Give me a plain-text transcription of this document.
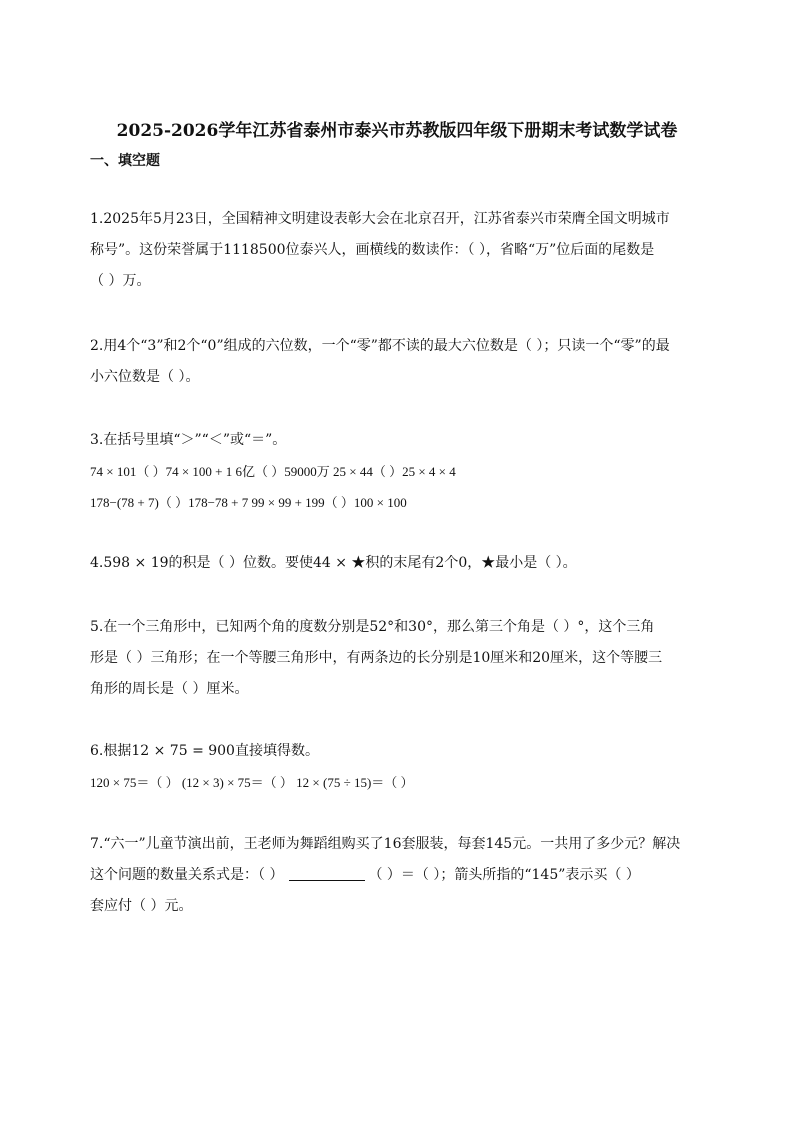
2025-2026学年江苏省泰州市泰兴市苏教版四年级下册期末考试数学试卷
一、填空题
1.2025年5月23日，全国精神文明建设表彰大会在北京召开，江苏省泰兴市荣膺全国文明城市
称号”。这份荣誉属于1118500位泰兴人，画横线的数读作：（ ），省略“万”位后面的尾数是
（ ）万。
2.用4个“3”和2个“0”组成的六位数，一个“零”都不读的最大六位数是（ ）；只读一个“零”的最
小六位数是（ ）。
3.在括号里填“＞”“＜”或“＝”。
74 × 101（ ）74 × 100 + 1 6亿（ ）59000万 25 × 44（ ）25 × 4 × 4
178−(78 + 7)（ ）178−78 + 7 99 × 99 + 199（ ）100 × 100
4.598 × 19的积是（ ）位数。要使44 × ★积的末尾有2个0，★最小是（ ）。
5.在一个三角形中，已知两个角的度数分别是52°和30°，那么第三个角是（ ）°，这个三角
形是（ ）三角形；在一个等腰三角形中，有两条边的长分别是10厘米和20厘米，这个等腰三
角形的周长是（ ）厘米。
6.根据12 × 75 = 900直接填得数。
120 × 75＝（ ） (12 × 3) × 75＝（ ） 12 × (75 ÷ 15)＝（ ）
7.“六一”儿童节演出前，王老师为舞蹈组购买了16套服装，每套145元。一共用了多少元？解决
这个问题的数量关系式是：（ ）	（ ）＝（ ）；箭头所指的“145”表示买（ ）
套应付（ ）元。
